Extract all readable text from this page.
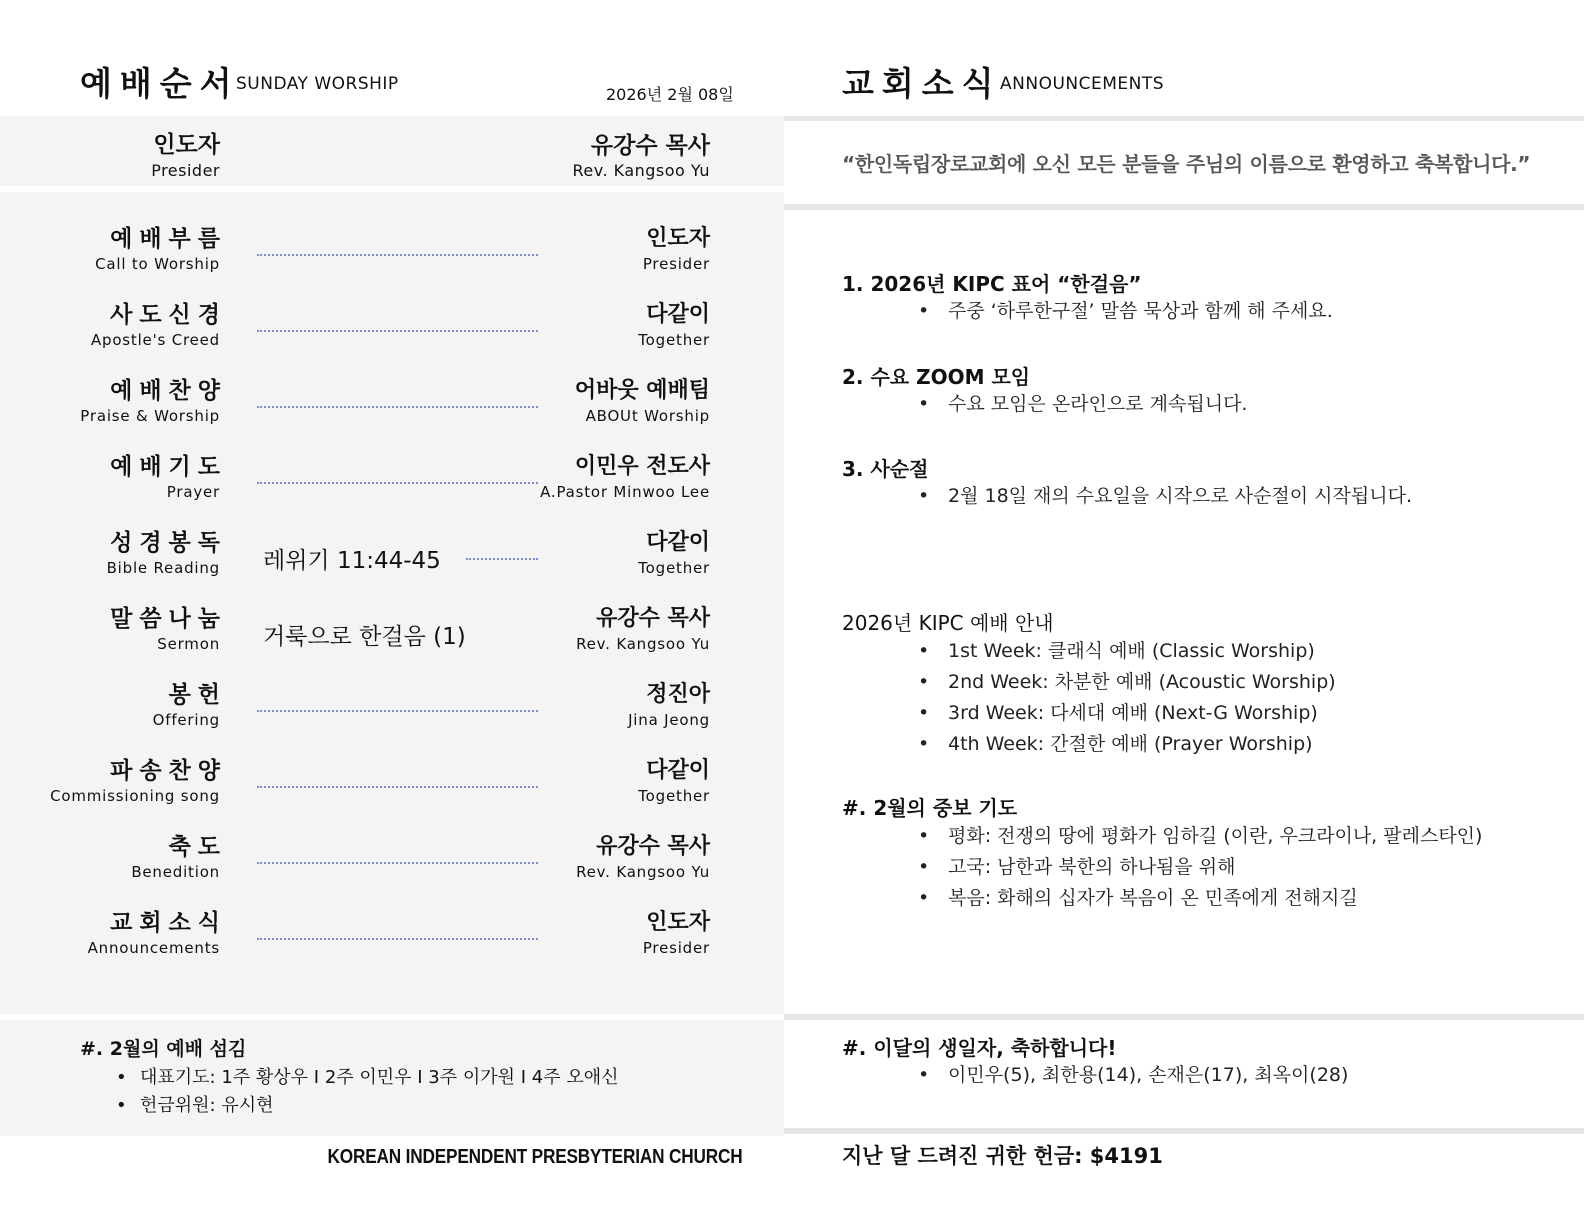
예배순서
SUNDAY WORSHIP
2026년 2월 08일
인도자
Presider
유강수 목사
Rev. Kangsoo Yu
예배부름
Call to Worship
인도자
Presider
사도신경
Apostle's Creed
다같이
Together
예배찬양
Praise & Worship
어바웃 예배팀
ABOUt Worship
예배기도
Prayer
이민우 전도사
A.Pastor Minwoo Lee
성경봉독
Bible Reading 레위기 11:44-45
다같이
Together
말씀나눔
Sermon 거룩으로 한걸음 (1)
유강수 목사
Rev. Kangsoo Yu
봉헌
Offering
정진아
Jina Jeong
파송찬양
Commissioning song
다같이
Together
축도
Benedition
유강수 목사
Rev. Kangsoo Yu
교회소식
Announcements
인도자
Presider
#. 2월의 예배 섬김
• 대표기도: 1주 황상우 I 2주 이민우 I 3주 이가원 I 4주 오애신
• 헌금위원: 유시현
KOREAN INDEPENDENT PRESBYTERIAN CHURCH
교회소식
ANNOUNCEMENTS
“한인독립장로교회에 오신 모든 분들을 주님의 이름으로 환영하고 축복합니다.”
1. 2026년 KIPC 표어 “한걸음”
• 주중 ‘하루한구절’ 말씀 묵상과 함께 해 주세요.
2. 수요 ZOOM 모임
• 수요 모임은 온라인으로 계속됩니다.
3. 사순절
• 2월 18일 재의 수요일을 시작으로 사순절이 시작됩니다.
2026년 KIPC 예배 안내
• 1st Week: 클래식 예배 (Classic Worship)
• 2nd Week: 차분한 예배 (Acoustic Worship)
• 3rd Week: 다세대 예배 (Next-G Worship)
• 4th Week: 간절한 예배 (Prayer Worship)
#. 2월의 중보 기도
• 평화: 전쟁의 땅에 평화가 임하길 (이란, 우크라이나, 팔레스타인)
• 고국: 남한과 북한의 하나됨을 위해
• 복음: 화해의 십자가 복음이 온 민족에게 전해지길
#. 이달의 생일자, 축하합니다!
• 이민우(5), 최한용(14), 손재은(17), 최옥이(28)
지난 달 드려진 귀한 헌금: $4191
